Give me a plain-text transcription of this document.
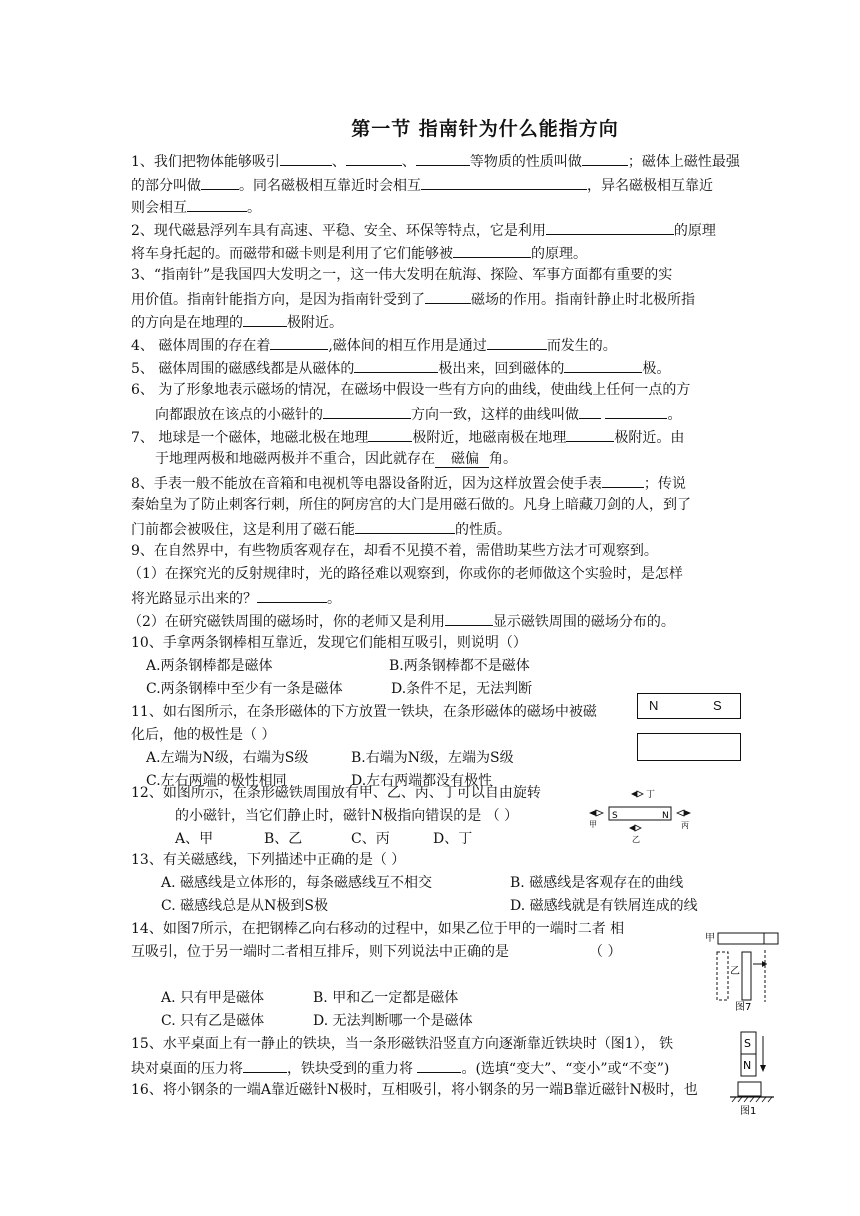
第一节 指南针为什么能指方向
1、我们把物体能够吸引	、	、	等物质的性质叫做	；磁体上磁性最强
的部分叫做	。同名磁极相互靠近时会相互	，异名磁极相互靠近
则会相互	。
2、现代磁悬浮列车具有高速、平稳、安全、环保等特点，它是利用	的原理
将车身托起的。而磁带和磁卡则是利用了它们能够被	的原理。
3、“指南针”是我国四大发明之一，这一伟大发明在航海、探险、军事方面都有重要的实
用价值。指南针能指方向，是因为指南针受到了	磁场的作用。指南针静止时北极所指
的方向是在地理的	极附近。
4、 磁体周围的存在着	,磁体间的相互作用是通过	而发生的。
5、 磁体周围的磁感线都是从磁体的	极出来，回到磁体的	极。
6、 为了形象地表示磁场的情况，在磁场中假设一些有方向的曲线，使曲线上任何一点的方
向都跟放在该点的小磁针的	方向一致，这样的曲线叫做	。
7、 地球是一个磁体，地磁北极在地理	极附近，地磁南极在地理	极附近。由
于地理两极和地磁两极并不重合，因此就存在 磁偏 角。
8、手表一般不能放在音箱和电视机等电器设备附近，因为这样放置会使手表	；传说
秦始皇为了防止刺客行刺，所住的阿房宫的大门是用磁石做的。凡身上暗藏刀剑的人，到了
门前都会被吸住，这是利用了磁石能	的性质。
9、在自然界中，有些物质客观存在，却看不见摸不着，需借助某些方法才可观察到。
（1）在探究光的反射规律时，光的路径难以观察到，你或你的老师做这个实验时，是怎样
将光路显示出来的？	。
（2）在研究磁铁周围的磁场时，你的老师又是利用	显示磁铁周围的磁场分布的。
10、手拿两条钢棒相互靠近，发现它们能相互吸引，则说明（）
A.两条钢棒都是磁体	B.两条钢棒都不是磁体
C.两条钢棒中至少有一条是磁体	D.条件不足，无法判断
11、如右图所示，在条形磁体的下方放置一铁块，在条形磁体的磁场中被磁
化后，他的极性是（ ）
A.左端为N级，右端为S级	B.右端为N级，左端为S级
C.左右两端的极性相同	D.左右两端都没有极性
N	S
12、如图所示，在条形磁铁周围放有甲、乙、丙、丁可以自由旋转
的小磁针，当它们静止时，磁针N极指向错误的是 （ ）
A、甲	B、乙	C、丙	D、丁
S	N
丁
甲	丙
乙
13、有关磁感线，下列描述中正确的是（ ）
A. 磁感线是立体形的，每条磁感线互不相交	B. 磁感线是客观存在的曲线
C. 磁感线总是从N极到S极	D. 磁感线就是有铁屑连成的线
14、如图7所示，在把钢棒乙向右移动的过程中，如果乙位于甲的一端时二者 相
互吸引，位于另一端时二者相互排斥，则下列说法中正确的是	（ ）
A. 只有甲是磁体	B. 甲和乙一定都是磁体
C. 只有乙是磁体	D. 无法判断哪一个是磁体
甲
乙
图7
15、水平桌面上有一静止的铁块，当一条形磁铁沿竖直方向逐渐靠近铁块时（图1）， 铁
块对桌面的压力将	，铁块受到的重力将	。(选填“变大”、“变小”或“不变”)
16、将小钢条的一端A靠近磁针N极时，互相吸引，将小钢条的另一端B靠近磁针N极时，也
S
N
图1
